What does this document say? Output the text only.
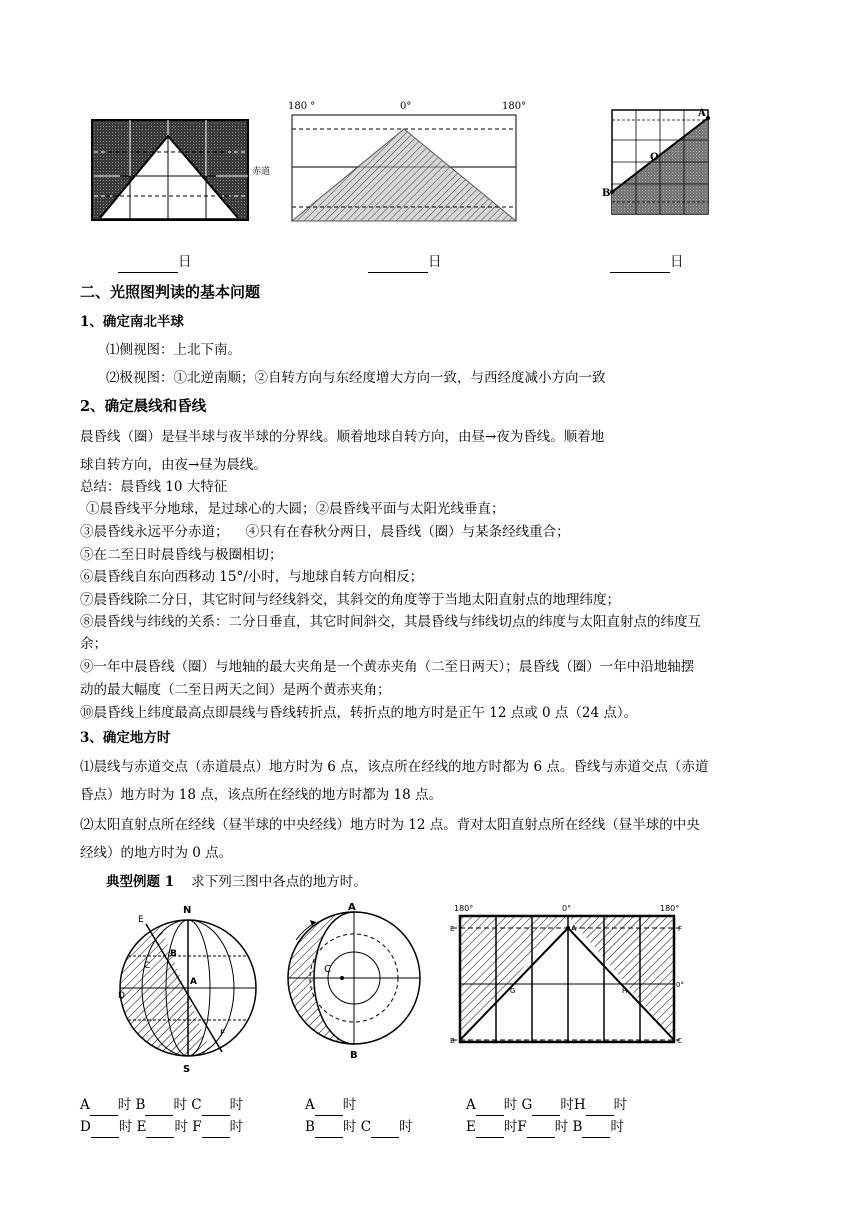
赤道
180 °	0°	180°
A
O
B
日	日	日
二、光照图判读的基本问题
1、确定南北半球
⑴侧视图：上北下南。
⑵极视图：①北逆南顺；②自转方向与东经度增大方向一致，与西经度减小方向一致
2、确定晨线和昏线
晨昏线（圈）是昼半球与夜半球的分界线。顺着地球自转方向，由昼→夜为昏线。顺着地
球自转方向，由夜→昼为晨线。
总结：晨昏线 10 大特征
①晨昏线平分地球，是过球心的大圆；②晨昏线平面与太阳光线垂直；
③晨昏线永远平分赤道；    ④只有在春秋分两日，晨昏线（圈）与某条经线重合；
⑤在二至日时晨昏线与极圈相切；
⑥晨昏线自东向西移动 15°/小时，与地球自转方向相反；
⑦晨昏线除二分日，其它时间与经线斜交，其斜交的角度等于当地太阳直射点的地理纬度；
⑧晨昏线与纬线的关系：二分日垂直，其它时间斜交，其晨昏线与纬线切点的纬度与太阳直射点的纬度互
余；
⑨一年中晨昏线（圈）与地轴的最大夹角是一个黄赤夹角（二至日两天）；晨昏线（圈）一年中沿地轴摆
动的最大幅度（二至日两天之间）是两个黄赤夹角；
⑩晨昏线上纬度最高点即晨线与昏线转折点，转折点的地方时是正午 12 点或 0 点（24 点）。
3、确定地方时
⑴晨线与赤道交点（赤道晨点）地方时为 6 点，该点所在经线的地方时都为 6 点。昏线与赤道交点（赤道
昏点）地方时为 18 点，该点所在经线的地方时都为 18 点。
⑵太阳直射点所在经线（昼半球的中央经线）地方时为 12 点。背对太阳直射点所在经线（昼半球的中央
经线）的地方时为 0 点。
典型例题 1 求下列三图中各点的地方时。
N
E
B
C
D
A
F
S
A
C
B
180°	0°	180°
E	A	F
G	H
0°
B	C
A 时 B 时 C 时
D 时 E 时 F 时
A 时
B 时 C 时
A 时 G 时H 时
E 时F 时 B 时
